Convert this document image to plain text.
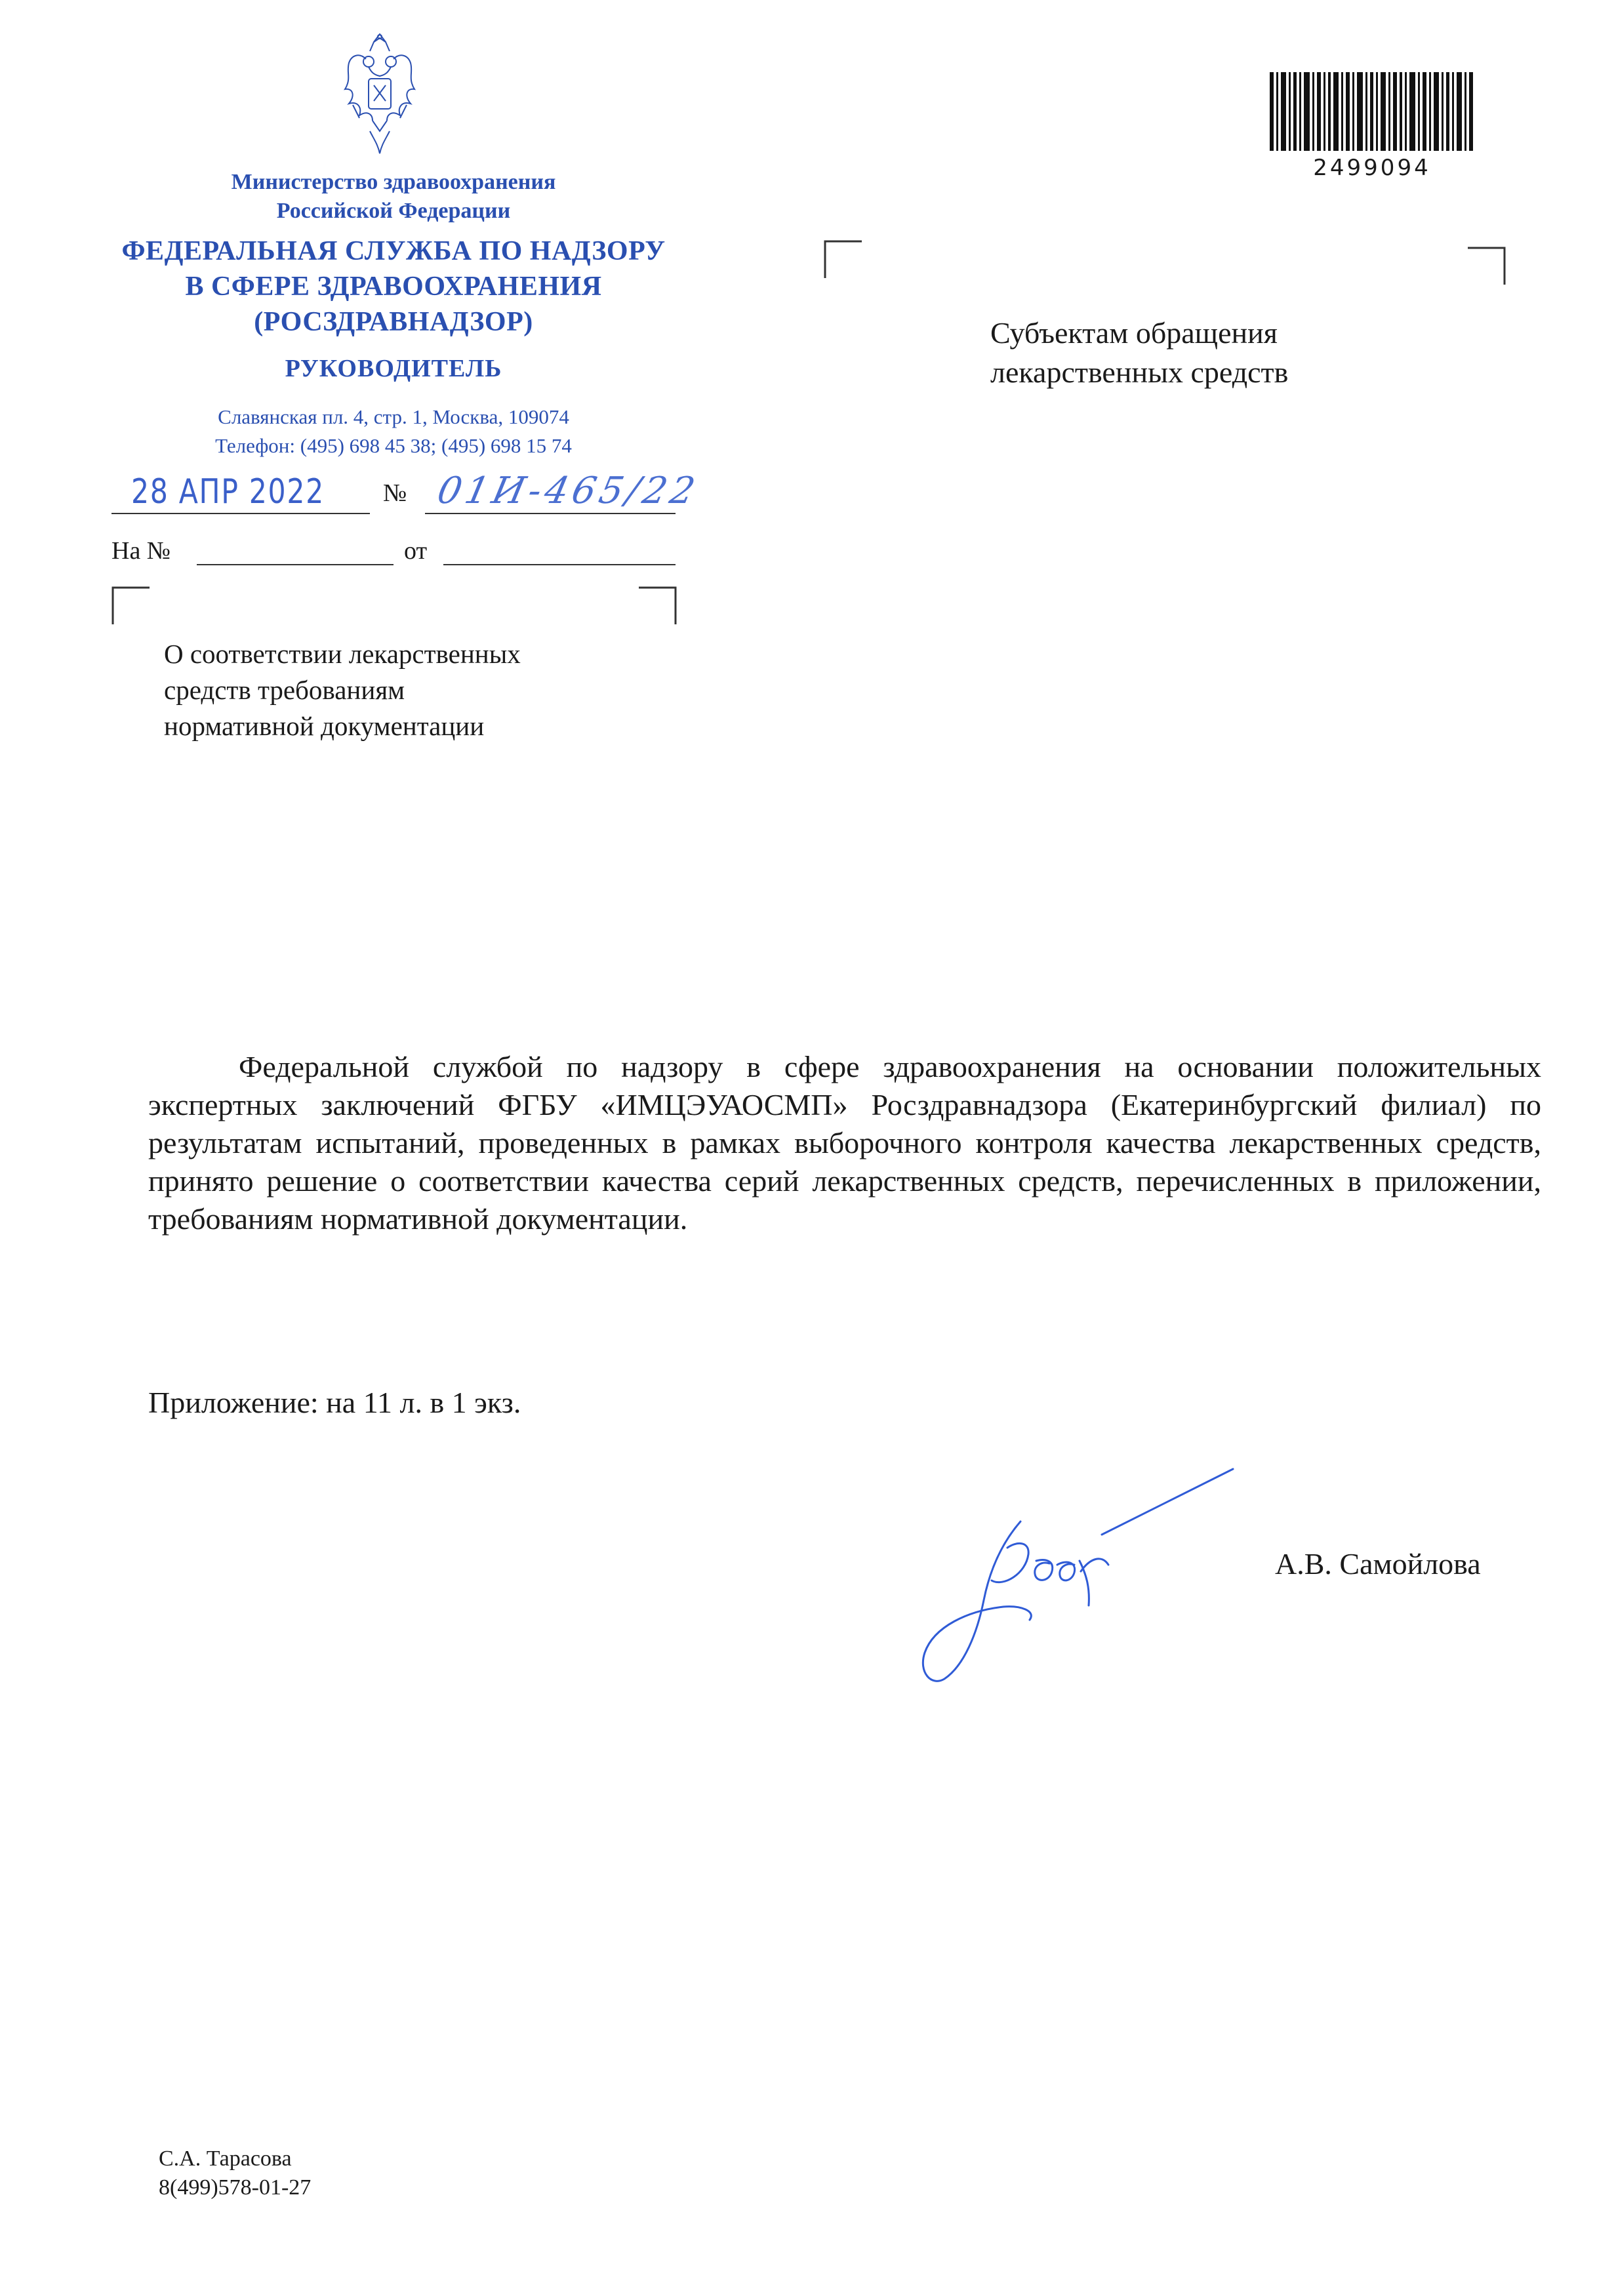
Министерство здравоохранения
Российской Федерации
ФЕДЕРАЛЬНАЯ СЛУЖБА ПО НАДЗОРУ
В СФЕРЕ ЗДРАВООХРАНЕНИЯ
(РОСЗДРАВНАДЗОР)
РУКОВОДИТЕЛЬ
Славянская пл. 4, стр. 1, Москва, 109074
Телефон: (495) 698 45 38; (495) 698 15 74
28 АПР 2022 № 01И-465/22
На №	от
О соответствии лекарственных
средств требованиям
нормативной документации
2499094
Субъектам обращения
лекарственных средств
Федеральной службой по надзору в сфере здравоохранения на основании положительных экспертных заключений ФГБУ «ИМЦЭУАОСМП» Росздравнадзора (Екатеринбургский филиал) по результатам испытаний, проведенных в рамках выборочного контроля качества лекарственных средств, принято решение о соответствии качества серий лекарственных средств, перечисленных в приложении, требованиям нормативной документации.
Приложение: на 11 л. в 1 экз.
А.В. Самойлова
С.А. Тарасова
8(499)578-01-27
